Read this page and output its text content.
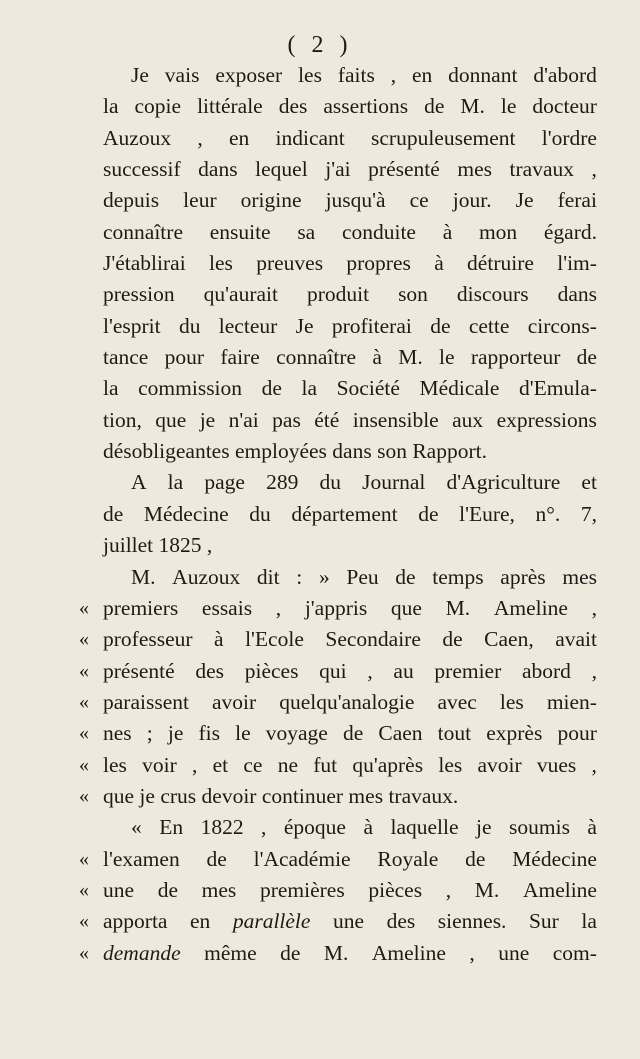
( 2 )
Je vais exposer les faits , en donnant d'abord
la copie littérale des assertions de M. le docteur
Auzoux , en indicant scrupuleusement l'ordre
successif dans lequel j'ai présenté mes travaux ,
depuis leur origine jusqu'à ce jour. Je ferai
connaître ensuite sa conduite à mon égard.
J'établirai les preuves propres à détruire l'im-
pression qu'aurait produit son discours dans
l'esprit du lecteur Je profiterai de cette circons-
tance pour faire connaître à M. le rapporteur de
la commission de la Société Médicale d'Emula-
tion, que je n'ai pas été insensible aux expressions
désobligeantes
employées
dans
son
Rapport.
A la page 289 du Journal d'Agriculture et
de Médecine du département de l'Eure, n°. 7,
juillet
1825
,
M. Auzoux dit : » Peu de temps après mes
« premiers essais , j'appris que M. Ameline ,
« professeur à l'Ecole Secondaire de Caen, avait
« présenté des pièces qui , au premier abord ,
« paraissent avoir quelqu'analogie avec les mien-
« nes ; je fis le voyage de Caen tout exprès pour
« les voir , et ce ne fut qu'après les avoir vues ,
« que
je
crus
devoir
continuer
mes
travaux.
« En 1822 , époque à laquelle je soumis à
« l'examen de l'Académie Royale de Médecine
« une de mes premières pièces , M. Ameline
« apporta en parallèle une des siennes. Sur la
« demande même de M. Ameline , une com-
